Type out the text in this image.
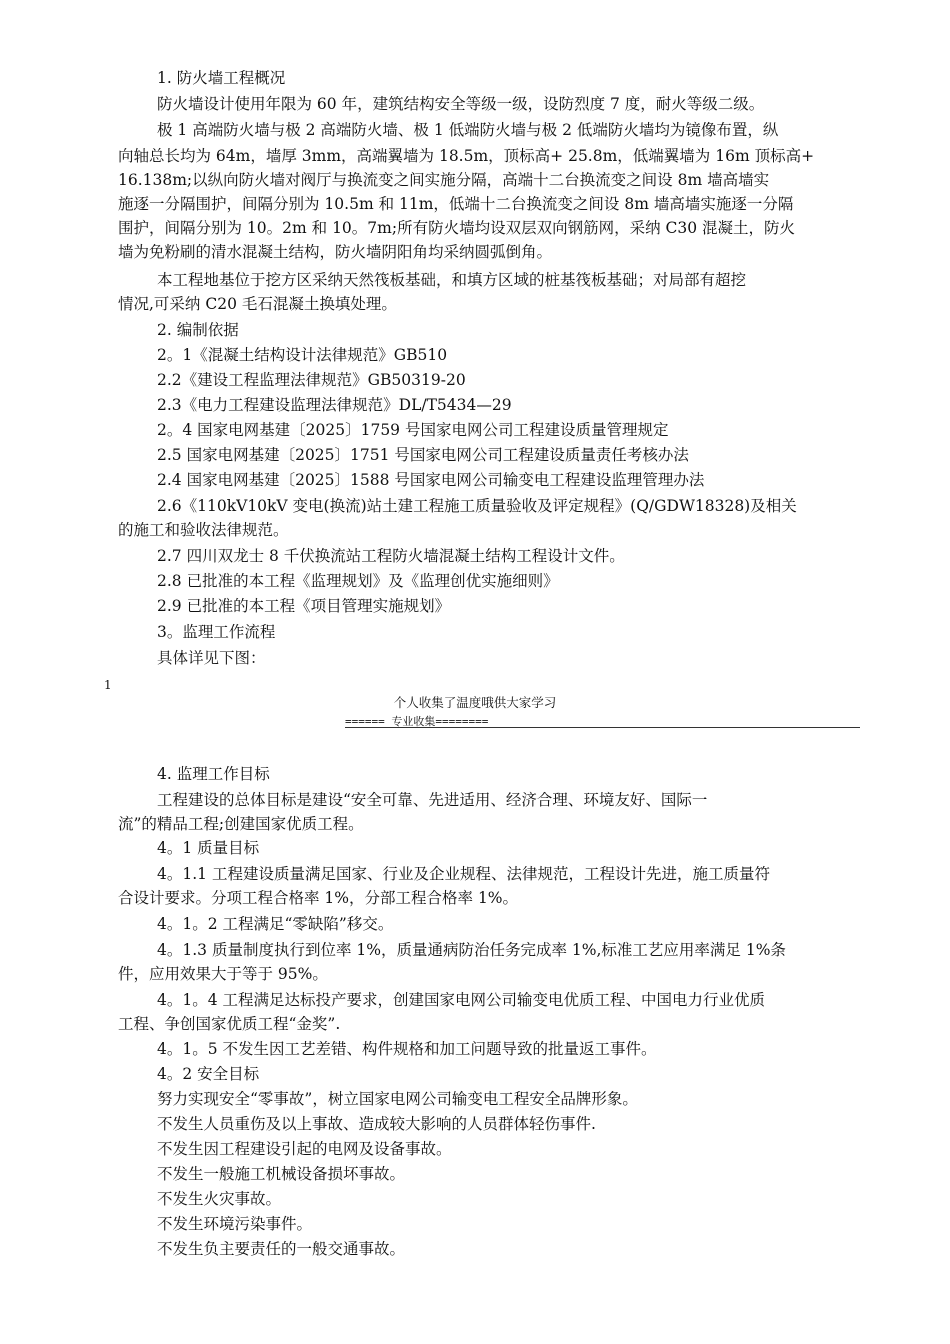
1. 防火墙工程概况
防火墙设计使用年限为 60 年，建筑结构安全等级一级，设防烈度 7 度，耐火等级二级。
极 1 高端防火墙与极 2 高端防火墙、极 1 低端防火墙与极 2 低端防火墙均为镜像布置，纵
向轴总长均为 64m，墙厚 3mm，高端翼墙为 18.5m，顶标高+ 25.8m，低端翼墙为 16m 顶标高+
16.138m;以纵向防火墙对阀厅与换流变之间实施分隔，高端十二台换流变之间设 8m 墙高墙实
施逐一分隔围护，间隔分别为 10.5m 和 11m，低端十二台换流变之间设 8m 墙高墙实施逐一分隔
围护，间隔分别为 10。2m 和 10。7m;所有防火墙均设双层双向钢筋网，采纳 C30 混凝土，防火
墙为免粉刷的清水混凝土结构，防火墙阴阳角均采纳圆弧倒角。
本工程地基位于挖方区采纳天然筏板基础，和填方区域的桩基筏板基础；对局部有超挖
情况,可采纳 C20 毛石混凝土换填处理。
2. 编制依据
2。1《混凝土结构设计法律规范》GB510
2.2《建设工程监理法律规范》GB50319-20
2.3《电力工程建设监理法律规范》DL/T5434—29
2。4 国家电网基建〔2025〕1759 号国家电网公司工程建设质量管理规定
2.5 国家电网基建〔2025〕1751 号国家电网公司工程建设质量责任考核办法
2.4 国家电网基建〔2025〕1588 号国家电网公司输变电工程建设监理管理办法
2.6《110kV10kV 变电(换流)站土建工程施工质量验收及评定规程》(Q/GDW18328)及相关
的施工和验收法律规范。
2.7 四川双龙士 8 千伏换流站工程防火墙混凝土结构工程设计文件。
2.8 已批准的本工程《监理规划》及《监理创优实施细则》
2.9 已批准的本工程《项目管理实施规划》
3。监理工作流程
具体详见下图：
1
个人收集了温度哦供大家学习
====== 专业收集========
4. 监理工作目标
工程建设的总体目标是建设“安全可靠、先进适用、经济合理、环境友好、国际一
流”的精品工程;创建国家优质工程。
4。1 质量目标
4。1.1 工程建设质量满足国家、行业及企业规程、法律规范，工程设计先进，施工质量符
合设计要求。分项工程合格率 1%，分部工程合格率 1%。
4。1。2 工程满足“零缺陷”移交。
4。1.3 质量制度执行到位率 1%，质量通病防治任务完成率 1%,标准工艺应用率满足 1%条
件，应用效果大于等于 95%。
4。1。4 工程满足达标投产要求，创建国家电网公司输变电优质工程、中国电力行业优质
工程、争创国家优质工程“金奖”.
4。1。5 不发生因工艺差错、构件规格和加工问题导致的批量返工事件。
4。2 安全目标
努力实现安全“零事故”，树立国家电网公司输变电工程安全品牌形象。
不发生人员重伤及以上事故、造成较大影响的人员群体轻伤事件.
不发生因工程建设引起的电网及设备事故。
不发生一般施工机械设备损坏事故。
不发生火灾事故。
不发生环境污染事件。
不发生负主要责任的一般交通事故。
